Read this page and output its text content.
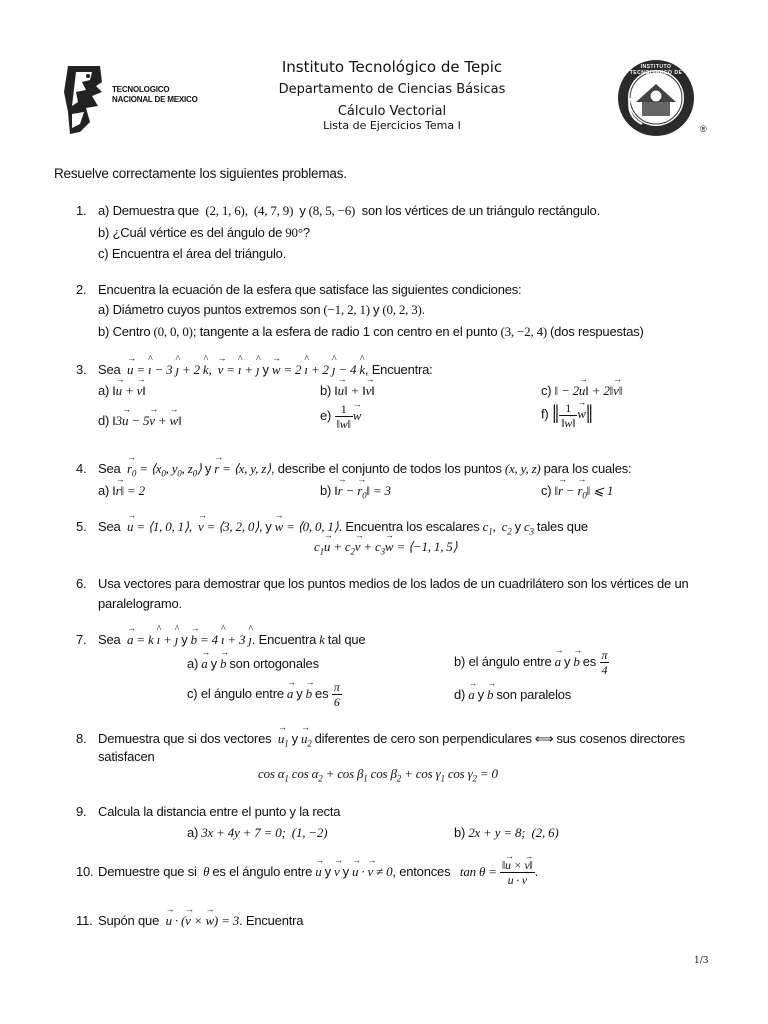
TECNOLOGICO
NACIONAL DE MEXICO
Instituto Tecnológico de Tepic
Departamento de Ciencias Básicas
Cálculo Vectorial
Lista de Ejercicios Tema I
INSTITUTO TECNOLOGICO DE TEPIC
®
Resuelve correctamente los siguientes problemas.
1. a) Demuestra que  (2, 1, 6),  (4, 7, 9)  y (8, 5, −6)  son los vértices de un triángulo rectángulo.
b) ¿Cuál vértice es del ángulo de 90°?
c) Encuentra el área del triángulo.
2. Encuentra la ecuación de la esfera que satisface las siguientes condiciones:
a) Diámetro cuyos puntos extremos son (−1, 2, 1) y (0, 2, 3).
b) Centro (0, 0, 0); tangente a la esfera de radio 1 con centro en el punto (3, −2, 4) (dos respuestas)
3. Sea  → u = ^ ı − 3 ^ ȷ + 2 ^ k,  → v = ^ ı + ^ ȷ y → w = 2 ^ ı + 2 ^ ȷ − 4 ^ k, Encuentra:
a) ‖→ u + → v‖	b) ‖→ u‖ + ‖→ v‖	c) ‖ − 2→ u‖ + 2‖→ v‖
d) ‖3→ u − 5→ v + → w‖	$e) \frac{1}{‖\to w‖}$
→ w	f) ‖ $\frac{1}{‖\to w‖}$
→ w‖
4. Sea  → $r_0$ = $⟨x_0$, $y_0$, $z_0⟩$ y → r = ⟨x, y, z⟩, describe el conjunto de todos los puntos (x, y, z) para los cuales:
a) ‖→ r‖ = 2	b) ‖→ r − → $r_0‖ = 3$	c) ‖→ r − → $r_0‖$ ⩽ 1
5. Sea  → u = ⟨1, 0, 1⟩,  → v = ⟨3, 2, 0⟩, y → w = ⟨0, 0, 1⟩. Encuentra los escalares $c_1$,  $c_2$ y $c_3$ tales que
$c_1\to u + c_2\to v + c_3\to w$ = ⟨−1, 1, 5⟩
6. Usa vectores para demostrar que los puntos medios de los lados de un cuadrilátero son los vértices de un
paralelogramo.
7. Sea  → a = k ^ ı + ^ ȷ y → b = 4 ^ ı + 3 ^ ȷ. Encuentra k tal que
a) → a y → b son ortogonales	b) el ángulo entre → a y → b es $\frac{\pi}{4}$
c) el ángulo entre → a y → b es $\frac{\pi}{6}$	d) → a y → b son paralelos
8. Demuestra que si dos vectores  → $u_1$ $y \to u_2$ diferentes de cero son perpendiculares ⟺ sus cosenos directores
satisfacen
$\cos \alpha_1$ $\cos \alpha_2 + \cos \beta_1$ $\cos \beta_2 + \cos \gamma_1$ $\cos \gamma_2 = 0$
9. Calcula la distancia entre el punto y la recta
a) 3x + 4y + 7 = 0;  (1, −2)	b) 2x + y = 8;  (2, 6)
10. Demuestre que si  θ es el ángulo entre → u y → v y → u · → v ≠ 0, entonces tan θ = ‖→ u × → v‖
→ u · → v .
11. Supón que  → u · (→ v × → w) = 3. Encuentra
1/3
